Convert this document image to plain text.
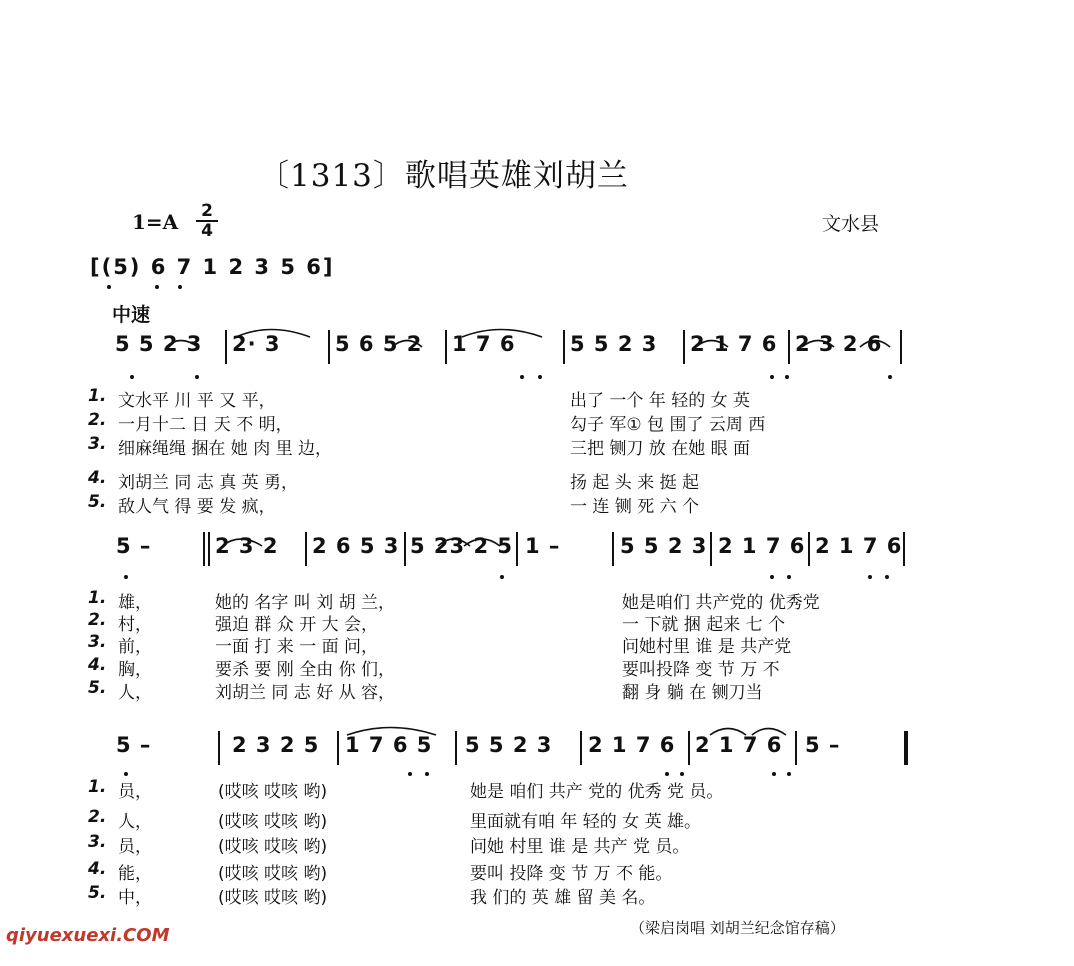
〔1313〕歌唱英雄刘胡兰
1=A 2
4	文水县
[(5) 6 7 1 2 3 5 6]
中速
5 5 2 3 2· 3	5 6 5 2 1 7 6	5 5 2 3 2 1 7 6 2 3 2 6
1. 文水平 川 平 又 平，	出了 一个 年 轻的 女 英
2. 一月十二 日 天 不 明，	勾子 军① 包 围了 云周 西
3. 细麻绳绳 捆在 她 肉 里 边，	三把 铡刀 放 在她 眼 面
4. 刘胡兰 同 志 真 英 勇，	扬 起 头 来 挺 起
5. 敌人气 得 要 发 疯，	一 连 铡 死 六 个
5 –	2 3 2 2 6 5 3 5 23 2 5 1 –	5 5 2 3 2 1 7 6 2 1 7 6
1. 雄，	她的 名字 叫 刘 胡 兰，	她是咱们 共产党的 优秀党
2. 村，	强迫 群 众 开 大 会，	一 下就 捆 起来 七 个
3. 前，	一面 打 来 一 面 问，	问她村里 谁 是 共产党
4. 胸，	要杀 要 刚 全由 你 们，	要叫投降 变 节 万 不
5. 人，	刘胡兰 同 志 好 从 容，	翻 身 躺 在 铡刀当
5 –	2 3 2 5 1 7 6 5 5 5 2 3 2 1 7 6 2 1 7 6 5 –
1. 员，	(哎咳 哎咳 哟)	她是 咱们 共产 党的 优秀 党 员。
2. 人，	(哎咳 哎咳 哟)	里面就有咱 年 轻的 女 英 雄。
3. 员，	(哎咳 哎咳 哟)	问她 村里 谁 是 共产 党 员。
4. 能，	(哎咳 哎咳 哟)	要叫 投降 变 节 万 不 能。
5. 中，	(哎咳 哎咳 哟)	我 们的 英 雄 留 美 名。
（梁启岗唱 刘胡兰纪念馆存稿）
qiyuexuexi.COM
